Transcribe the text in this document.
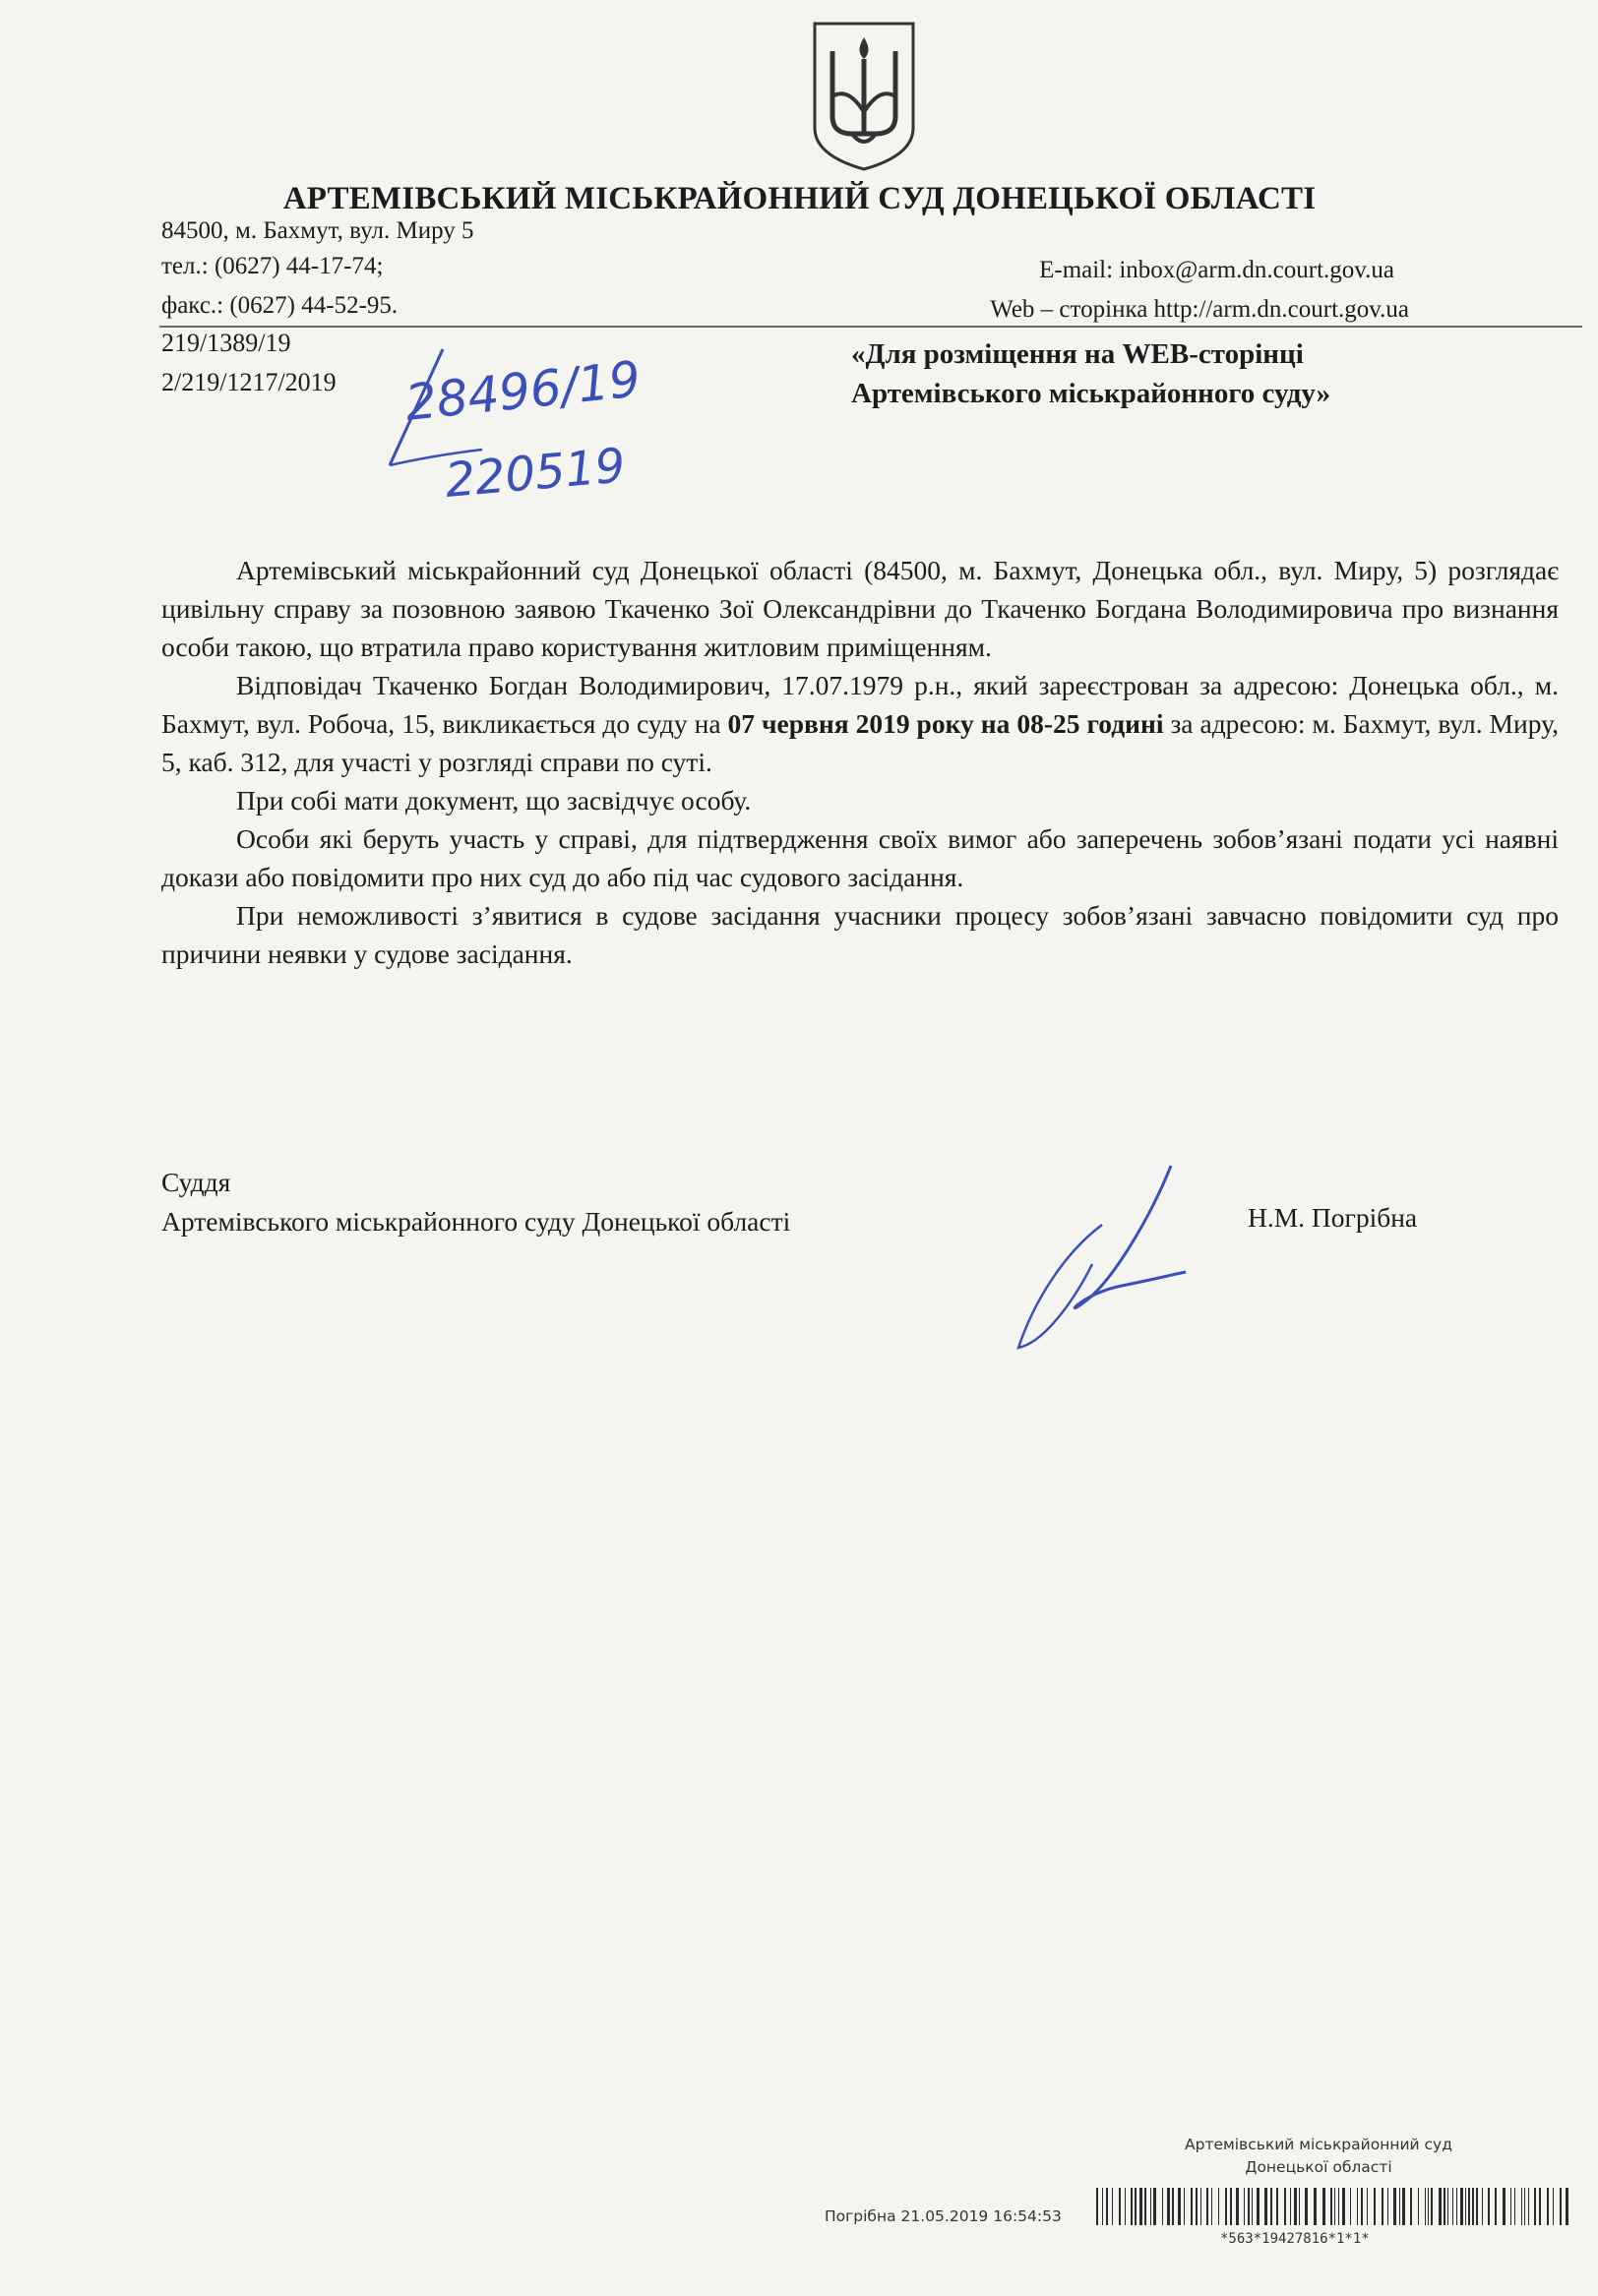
АРТЕМІВСЬКИЙ МІСЬКРАЙОННИЙ СУД ДОНЕЦЬКОЇ ОБЛАСТІ
84500, м. Бахмут, вул. Миру 5
тел.: (0627) 44-17-74;
факс.: (0627) 44-52-95.
E-mail: inbox@arm.dn.court.gov.ua
Web – сторінка http://arm.dn.court.gov.ua
219/1389/19
2/219/1217/2019
«Для розміщення на WEB-сторінці
Артемівського міськрайонного суду»
28496/19
220519

Артемівський міськрайонний суд Донецької області (84500, м. Бахмут, Донецька обл., вул. Миру, 5) розглядає цивільну справу за позовною заявою Ткаченко Зої Олександрівни до Ткаченко Богдана Володимировича про визнання особи такою, що втратила право користування житловим приміщенням.

Відповідач Ткаченко Богдан Володимирович, 17.07.1979 р.н., який зареєстрован за адресою: Донецька обл., м. Бахмут, вул. Робоча, 15, викликається до суду на 07 червня 2019 року на 08-25 годині за адресою: м. Бахмут, вул. Миру, 5, каб. 312, для участі у розгляді справи по суті.

При собі мати документ, що засвідчує особу.

Особи які беруть участь у справі, для підтвердження своїх вимог або заперечень зобов’язані подати усі наявні докази або повідомити про них суд до або під час судового засідання.

При неможливості з’явитися в судове засідання учасники процесу зобов’язані завчасно повідомити суд про причини неявки у судове засідання.

Суддя
Артемівського міськрайонного суду Донецької області	Н.М. Погрібна
Артемівський міськрайонний суд
Донецької області
Погрібна 21.05.2019 16:54:53
*563*19427816*1*1*
